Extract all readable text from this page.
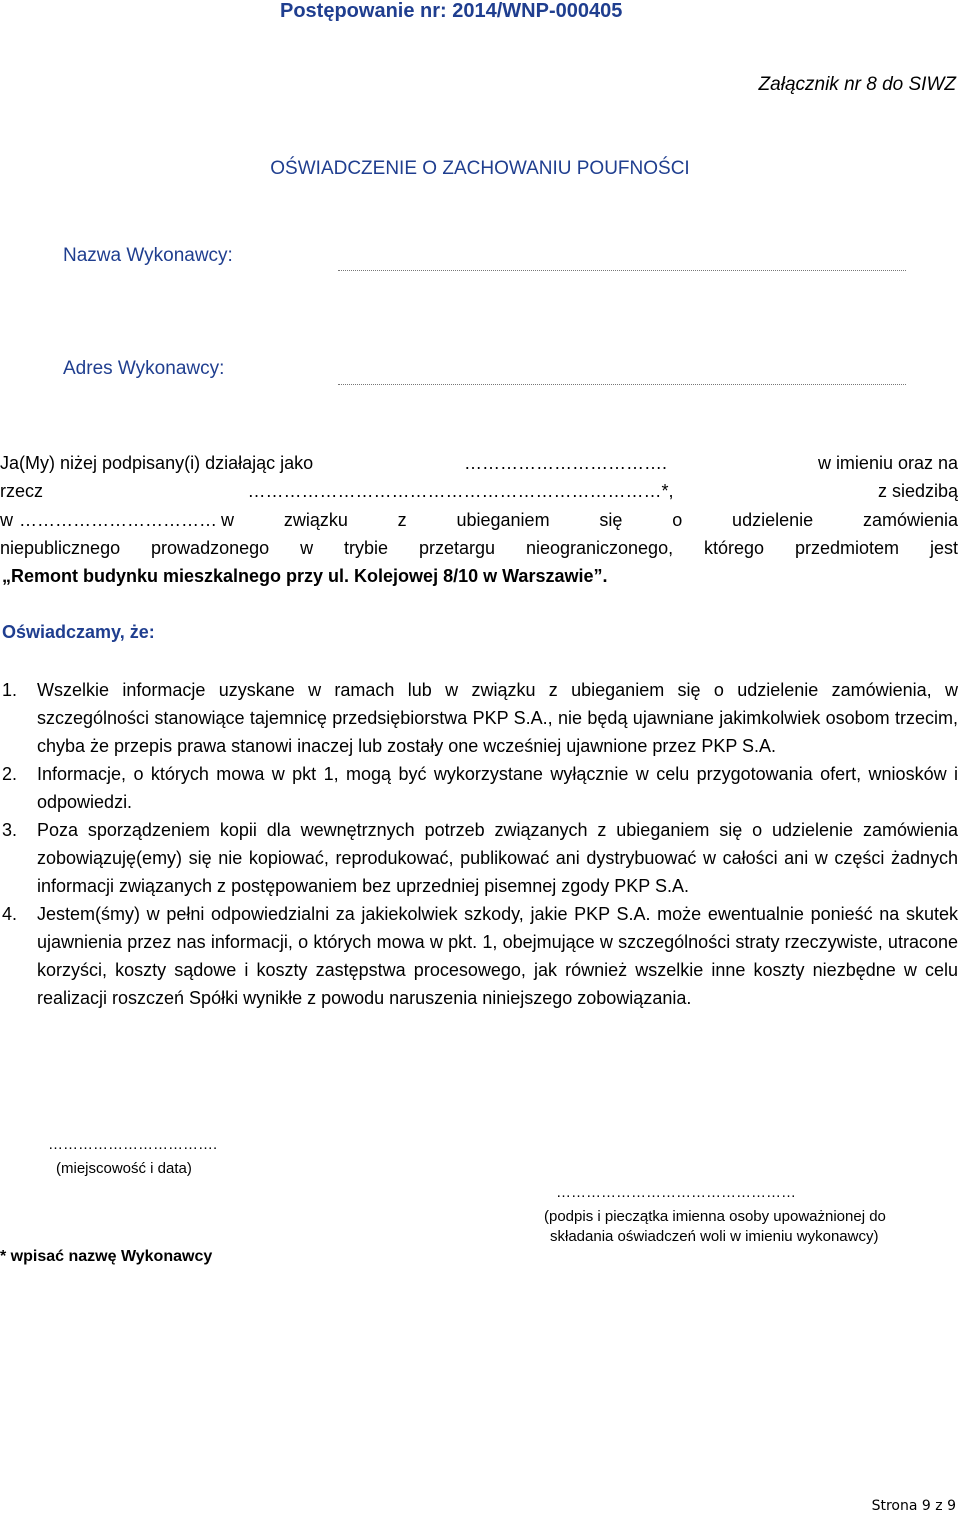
Postępowanie nr: 2014/WNP-000405
Załącznik nr 8 do SIWZ
OŚWIADCZENIE O ZACHOWANIU POUFNOŚCI
Nazwa Wykonawcy:
Adres Wykonawcy:
Ja(My) niżej podpisany(i) działając jako	…………………………….	w imieniu oraz na
rzecz	……………………………………………………………*,	z siedzibą
w …………………………… w związku z ubieganiem się o udzielenie zamówienia
niepublicznego prowadzonego w trybie przetargu nieograniczonego, którego przedmiotem jest
„Remont budynku mieszkalnego przy ul. Kolejowej 8/10 w Warszawie”.
Oświadczamy, że:
1.	Wszelkie informacje uzyskane w ramach lub w związku z ubieganiem się o udzielenie zamówienia, w szczególności stanowiące tajemnicę przedsiębiorstwa PKP S.A., nie będą ujawniane jakimkolwiek osobom trzecim, chyba że przepis prawa stanowi inaczej lub zostały one wcześniej ujawnione przez PKP S.A.
2.	Informacje, o których mowa w pkt 1, mogą być wykorzystane wyłącznie w celu przygotowania ofert, wniosków i odpowiedzi.
3.	Poza sporządzeniem kopii dla wewnętrznych potrzeb związanych z ubieganiem się o udzielenie zamówienia zobowiązuję(emy) się nie kopiować, reprodukować, publikować ani dystrybuować w całości ani w części żadnych informacji związanych z postępowaniem bez uprzedniej pisemnej zgody PKP S.A.
4.	Jestem(śmy) w pełni odpowiedzialni za jakiekolwiek szkody, jakie PKP S.A. może ewentualnie ponieść na skutek ujawnienia przez nas informacji, o których mowa w pkt. 1, obejmujące w szczególności straty rzeczywiste, utracone korzyści, koszty sądowe i koszty zastępstwa procesowego, jak również wszelkie inne koszty niezbędne w celu realizacji roszczeń Spółki wynikłe z powodu naruszenia niniejszego zobowiązania.
…………………………….
(miejscowość i data)
…………………………………………
(podpis i pieczątka imienna osoby upoważnionej do
składania oświadczeń woli w imieniu wykonawcy)
* wpisać nazwę Wykonawcy
Strona 9 z 9
